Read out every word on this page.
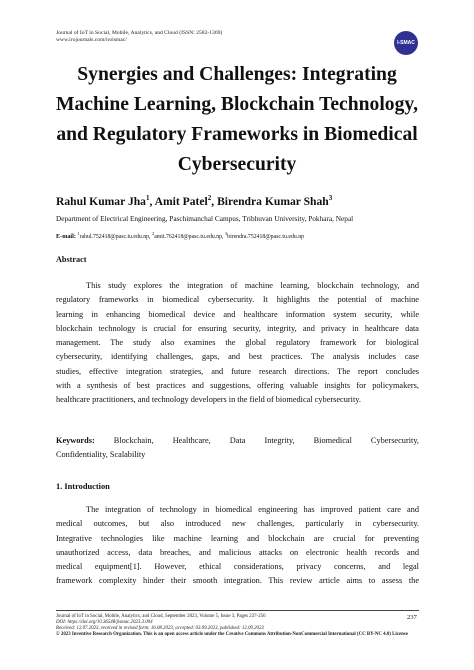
Journal of IoT in Social, Mobile, Analytics, and Cloud (ISSN: 2582-1369)
www.irojournals.com/iroismac/	I-SMAC
Synergies and Challenges: Integrating
Machine Learning, Blockchain Technology,
and Regulatory Frameworks in Biomedical
Cybersecurity
Rahul Kumar Jha$^1$, Amit Patel$^2$, Birendra Kumar Shah$^3$
Department of Electrical Engineering, Paschimanchal Campus, Tribhuvan University, Pokhara, Nepal
E-mail: $^1$rahul.752418@pasc.tu.edu.np, $^2$amit.762418@pasc.tu.edu.np, $^3$birendra.752418@pasc.tu.edu.np
Abstract
This study explores the integration of machine learning, blockchain technology, and
regulatory frameworks in biomedical cybersecurity. It highlights the potential of machine
learning in enhancing biomedical device and healthcare information system security, while
blockchain technology is crucial for ensuring security, integrity, and privacy in healthcare data
management. The study also examines the global regulatory framework for biological
cybersecurity, identifying challenges, gaps, and best practices. The analysis includes case
studies, effective integration strategies, and future research directions. The report concludes
with a synthesis of best practices and suggestions, offering valuable insights for policymakers,
healthcare practitioners, and technology developers in the field of biomedical cybersecurity.
Keywords: Blockchain, Healthcare, Data Integrity, Biomedical Cybersecurity,
Confidentiality, Scalability
1. Introduction
The integration of technology in biomedical engineering has improved patient care and
medical outcomes, but also introduced new challenges, particularly in cybersecurity.
Integrative technologies like machine learning and blockchain are crucial for preventing
unauthorized access, data breaches, and malicious attacks on electronic health records and
medical equipment[1]. However, ethical considerations, privacy concerns, and legal
framework complexity hinder their smooth integration. This review article aims to assess the
Journal of IoT in Social, Mobile, Analytics, and Cloud, September 2023, Volume 5, Issue 3, Pages 237-256
DOI: https://doi.org/10.36548/jismac.2023.3.004
Received: 12.07.2023, received in revised form: 16.08.2023, accepted: 03.09.2023, published: 12.09.2023
© 2023 Inventive Research Organization. This is an open access article under the Creative Commons Attribution-NonCommercial International (CC BY-NC 4.0) License
237
